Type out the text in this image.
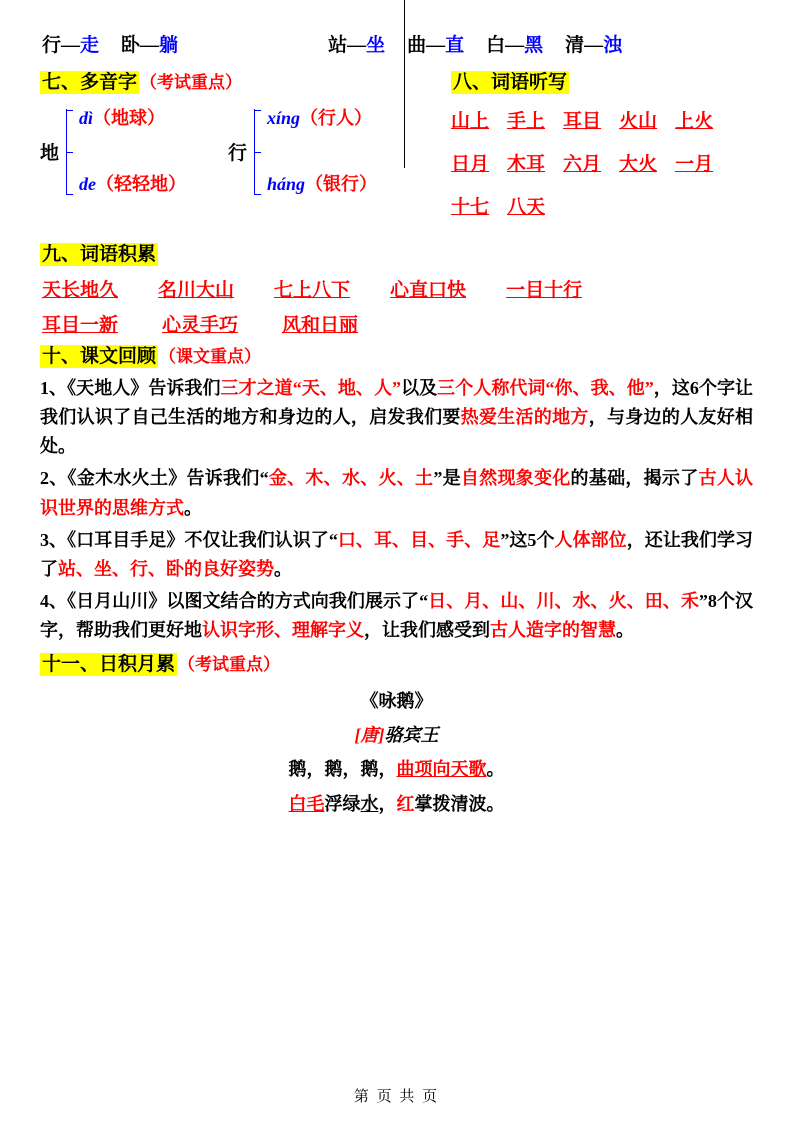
行—走 卧—躺	站—坐 曲—直 白—黑 清—浊
七、多音字 （考试重点）
地
dì（地球）
de（轻轻地）
行
xíng（行人）
háng（银行）
八、词语听写
山上 手上 耳目 火山 上火
日月 木耳 六月 大火 一月
十七 八天
九、词语积累
天长地久 名川大山 七上八下 心直口快 一目十行
耳目一新 心灵手巧 风和日丽
十、课文回顾 （课文重点）

1、《天地人》告诉我们三才之道“天、地、人”以及三个人称代词“你、我、他”，这6个字让我们认识了自己生活的地方和身边的人，启发我们要热爱生活的地方，与身边的人友好相处。

2、《金木水火土》告诉我们“金、木、水、火、土”是自然现象变化的基础，揭示了古人认识世界的思维方式。

3、《口耳目手足》不仅让我们认识了“口、耳、目、手、足”这5个人体部位，还让我们学习了站、坐、行、卧的良好姿势。

4、《日月山川》以图文结合的方式向我们展示了“日、月、山、川、水、火、田、禾”8个汉字，帮助我们更好地认识字形、理解字义，让我们感受到古人造字的智慧。

十一、日积月累 （考试重点）
《咏鹅》
[唐]骆宾王
鹅，鹅，鹅，曲项向天歌。
白毛浮绿水，红掌拨清波。
第 页 共 页
